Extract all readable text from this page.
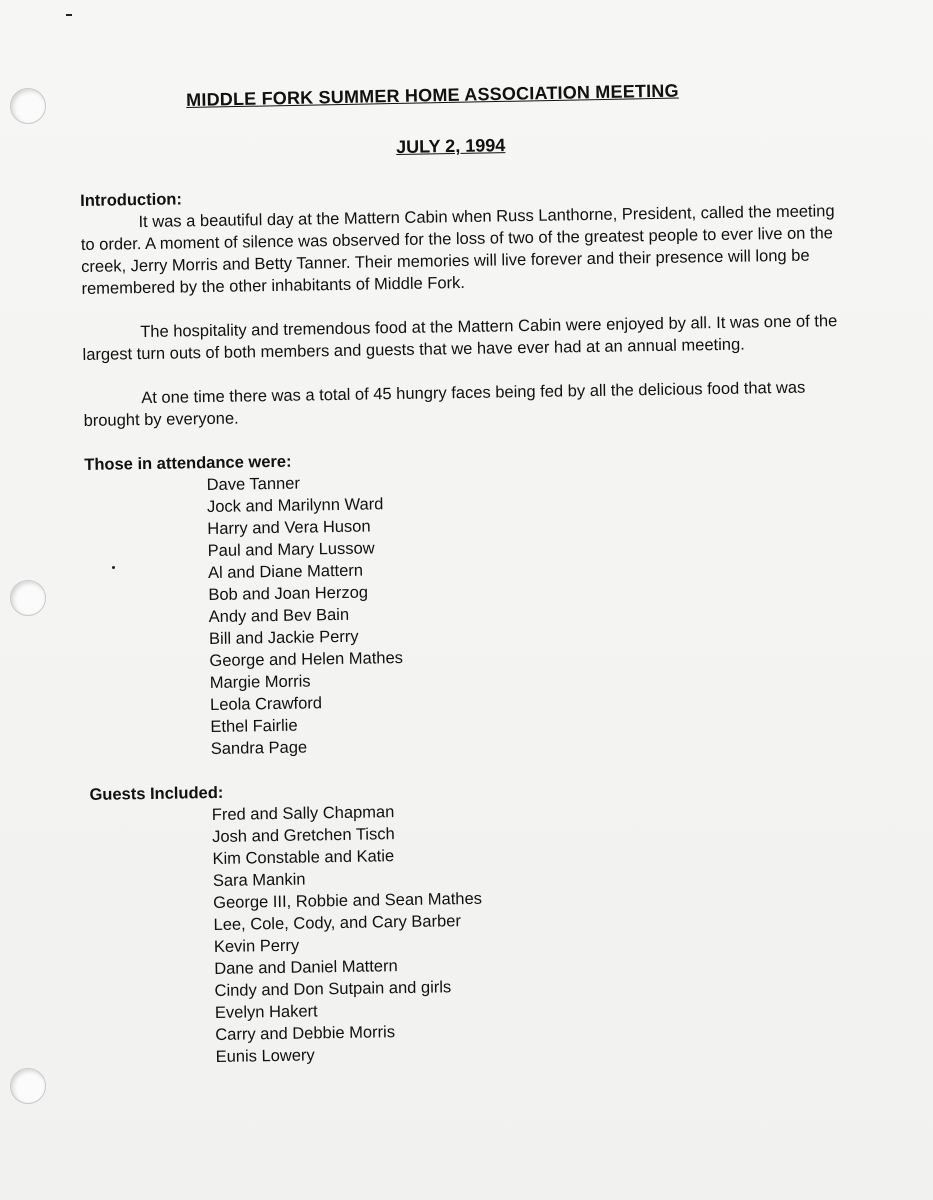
MIDDLE FORK SUMMER HOME ASSOCIATION MEETING
JULY 2, 1994

Introduction:

It was a beautiful day at the Mattern Cabin when Russ Lanthorne, President, called the meeting to order. A moment of silence was observed for the loss of two of the greatest people to ever live on the creek, Jerry Morris and Betty Tanner. Their memories will live forever and their presence will long be remembered by the other inhabitants of Middle Fork.

The hospitality and tremendous food at the Mattern Cabin were enjoyed by all. It was one of the largest turn outs of both members and guests that we have ever had at an annual meeting.

At one time there was a total of 45 hungry faces being fed by all the delicious food that was brought by everyone.

Those in attendance were:

Dave Tanner
Jock and Marilynn Ward
Harry and Vera Huson
Paul and Mary Lussow
Al and Diane Mattern
Bob and Joan Herzog
Andy and Bev Bain
Bill and Jackie Perry
George and Helen Mathes
Margie Morris
Leola Crawford
Ethel Fairlie
Sandra Page

Guests Included:

Fred and Sally Chapman
Josh and Gretchen Tisch
Kim Constable and Katie
Sara Mankin
George III, Robbie and Sean Mathes
Lee, Cole, Cody, and Cary Barber
Kevin Perry
Dane and Daniel Mattern
Cindy and Don Sutpain and girls
Evelyn Hakert
Carry and Debbie Morris
Eunis Lowery
